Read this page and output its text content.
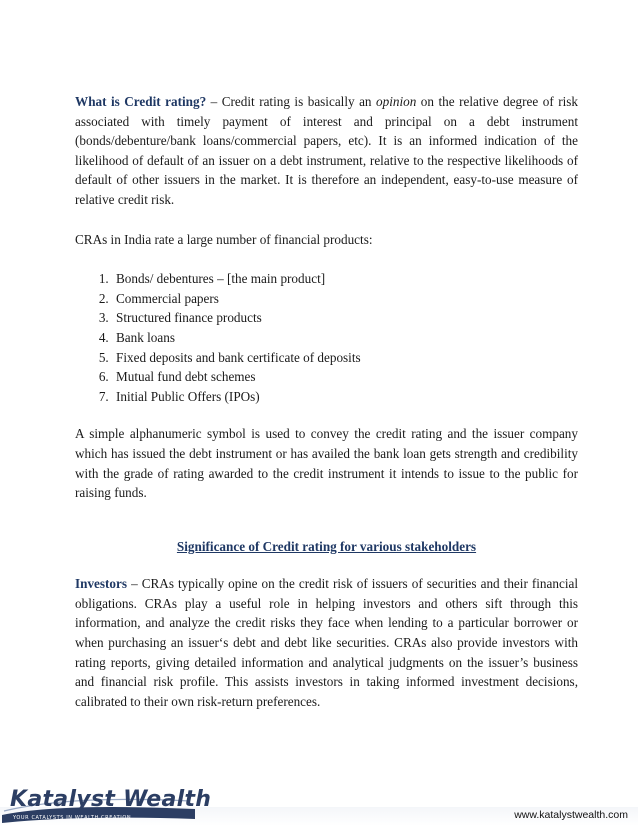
What is Credit rating? – Credit rating is basically an opinion on the relative degree of risk associated with timely payment of interest and principal on a debt instrument (bonds/debenture/bank loans/commercial papers, etc). It is an informed indication of the likelihood of default of an issuer on a debt instrument, relative to the respective likelihoods of default of other issuers in the market. It is therefore an independent, easy-to-use measure of relative credit risk.

CRAs in India rate a large number of financial products:

1. Bonds/ debentures – [the main product]
2. Commercial papers
3. Structured finance products
4. Bank loans
5. Fixed deposits and bank certificate of deposits
6. Mutual fund debt schemes
7. Initial Public Offers (IPOs)

A simple alphanumeric symbol is used to convey the credit rating and the issuer company which has issued the debt instrument or has availed the bank loan gets strength and credibility with the grade of rating awarded to the credit instrument it intends to issue to the public for raising funds.

Significance of Credit rating for various stakeholders

Investors – CRAs typically opine on the credit risk of issuers of securities and their financial obligations. CRAs play a useful role in helping investors and others sift through this information, and analyze the credit risks they face when lending to a particular borrower or when purchasing an issuer‘s debt and debt like securities. CRAs also provide investors with rating reports, giving detailed information and analytical judgments on the issuer’s business and financial risk profile. This assists investors in taking informed investment decisions, calibrated to their own risk-return preferences.

Katalyst Wealth
YOUR CATALYSTS IN WEALTH CREATION	www.katalystwealth.com
